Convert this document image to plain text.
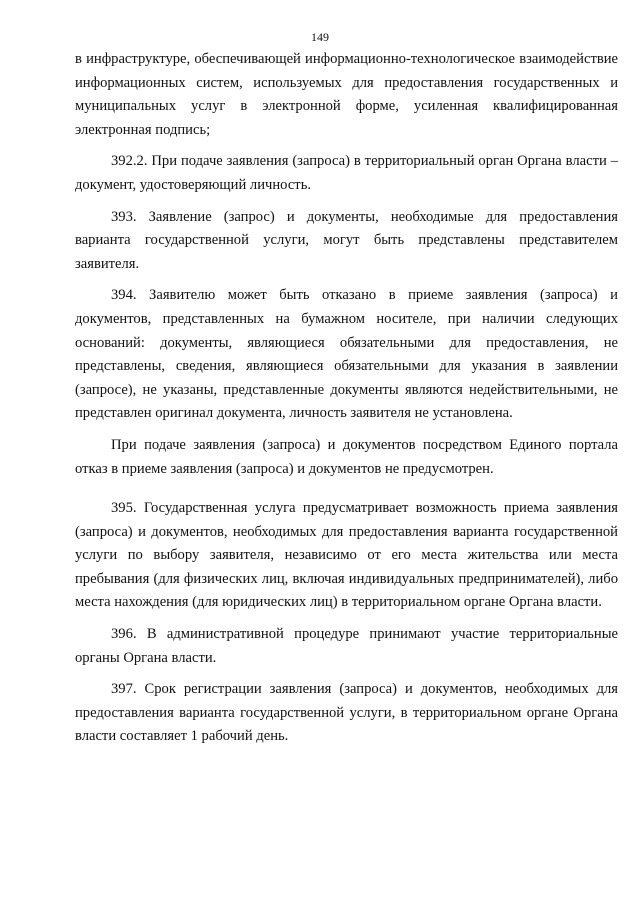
149

в инфраструктуре, обеспечивающей информационно-технологическое взаимодействие информационных систем, используемых для предоставления государственных и муниципальных услуг в электронной форме, усиленная квалифицированная электронная подпись;

392.2. При подаче заявления (запроса) в территориальный орган Органа власти – документ, удостоверяющий личность.

393. Заявление (запрос) и документы, необходимые для предоставления варианта государственной услуги, могут быть представлены представителем заявителя.

394. Заявителю может быть отказано в приеме заявления (запроса) и документов, представленных на бумажном носителе, при наличии следующих оснований: документы, являющиеся обязательными для предоставления, не представлены, сведения, являющиеся обязательными для указания в заявлении (запросе), не указаны, представленные документы являются недействительными, не представлен оригинал документа, личность заявителя не установлена.

При подаче заявления (запроса) и документов посредством Единого портала отказ в приеме заявления (запроса) и документов не предусмотрен.

395. Государственная услуга предусматривает возможность приема заявления (запроса) и документов, необходимых для предоставления варианта государственной услуги по выбору заявителя, независимо от его места жительства или места пребывания (для физических лиц, включая индивидуальных предпринимателей), либо места нахождения (для юридических лиц) в территориальном органе Органа власти.

396. В административной процедуре принимают участие территориальные органы Органа власти.

397. Срок регистрации заявления (запроса) и документов, необходимых для предоставления варианта государственной услуги, в территориальном органе Органа власти составляет 1 рабочий день.
